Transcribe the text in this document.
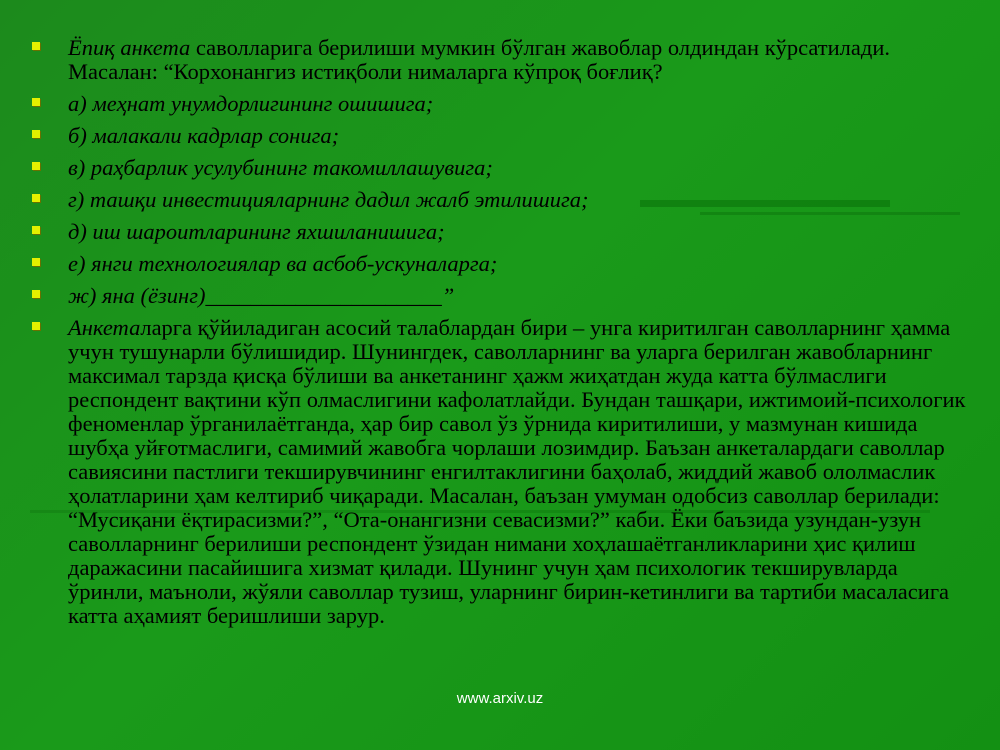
Ёпиқ анкета саволларига берилиши мумкин бўлган жавоблар олдиндан кўрсатилади. Масалан: “Корхонангиз истиқболи нималарга кўпроқ боғлиқ?
а) меҳнат унумдорлигининг ошишига;
б) малакали кадрлар сонига;
в) раҳбарлик усулубининг такомиллашувига;
г) ташқи инвестицияларнинг дадил жалб этилишига;
д) иш шароитларининг яхшиланишига;
е) янги технологиялар ва асбоб-ускуналарга;
ж) яна (ёзинг)_____________________”
Анкеталарга қўйиладиган асосий талаблардан бири – унга киритилган саволларнинг ҳамма учун тушунарли бўлишидир. Шунингдек, саволларнинг ва уларга берилган жавобларнинг максимал тарзда қисқа бўлиши ва анкетанинг ҳажм жиҳатдан жуда катта бўлмаслиги респондент вақтини кўп олмаслигини кафолатлайди. Бундан ташқари, ижтимоий-психологик феноменлар ўрганилаётганда, ҳар бир савол ўз ўрнида киритилиши, у мазмунан кишида шубҳа уйғотмаслиги, самимий жавобга чорлаши лозимдир. Баъзан анкеталардаги саволлар савиясини пастлиги текширувчининг енгилтаклигини баҳолаб, жиддий жавоб ололмаслик ҳолатларини ҳам келтириб чиқаради. Масалан, баъзан умуман одобсиз саволлар берилади: “Мусиқани ёқтирасизми?”, “Ота-онангизни севасизми?” каби. Ёки баъзида узундан-узун саволларнинг берилиши респондент ўзидан нимани хоҳлашаётганликларини ҳис қилиш даражасини пасайишига хизмат қилади. Шунинг учун ҳам психологик текширувларда ўринли, маъноли, жўяли саволлар тузиш, уларнинг бирин-кетинлиги ва тартиби масаласига катта аҳамият беришлиши зарур.
www.arxiv.uz
